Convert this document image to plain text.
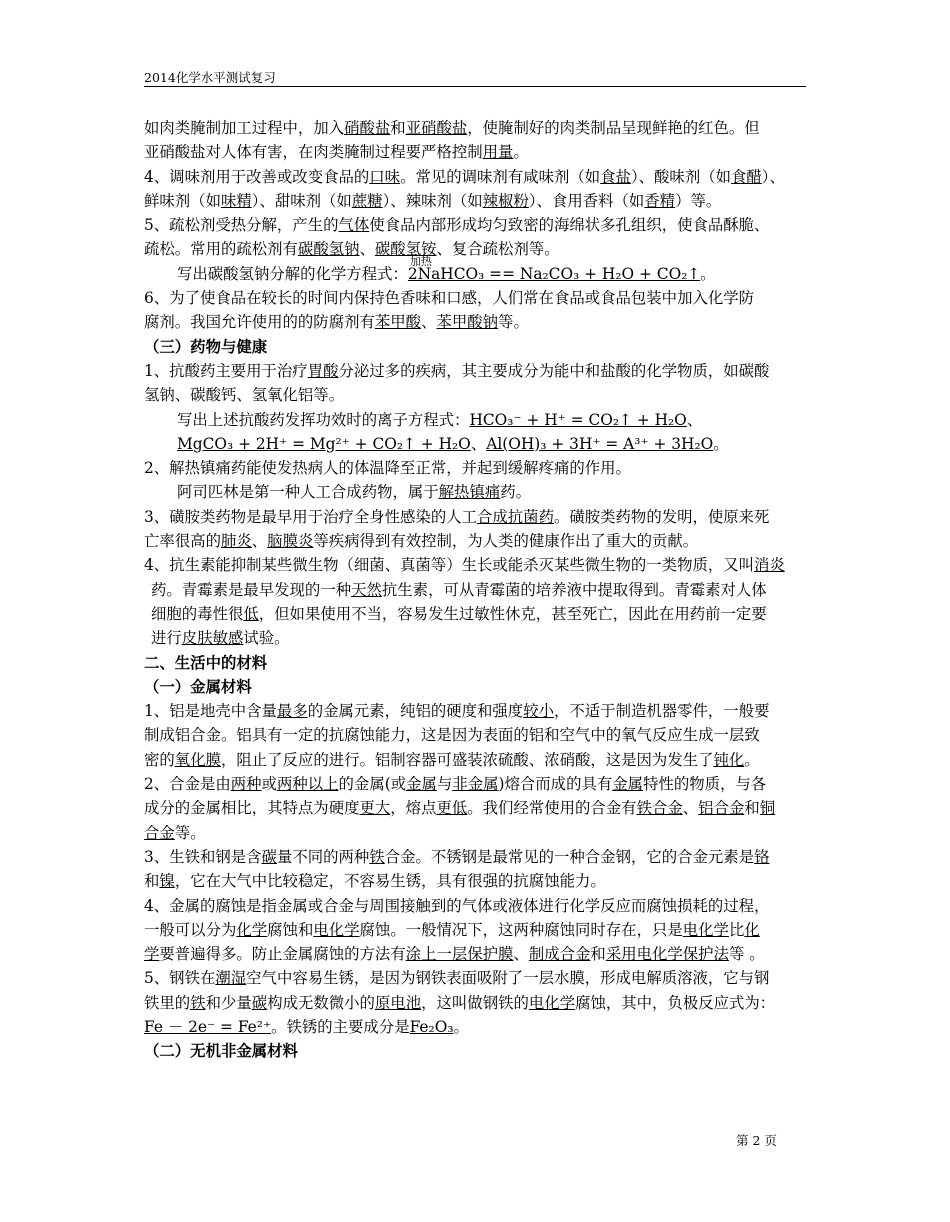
2014化学水平测试复习

如肉类腌制加工过程中，加入硝酸盐和亚硝酸盐，使腌制好的肉类制品呈现鲜艳的红色。但

亚硝酸盐对人体有害，在肉类腌制过程要严格控制用量。

4、调味剂用于改善或改变食品的口味。常见的调味剂有咸味剂（如食盐）、酸味剂（如食醋）、

鲜味剂（如味精）、甜味剂（如蔗糖）、辣味剂（如辣椒粉）、食用香料（如香精）等。

5、疏松剂受热分解，产生的气体使食品内部形成均匀致密的海绵状多孔组织，使食品酥脆、

疏松。常用的疏松剂有碳酸氢钠、碳酸氢铵、复合疏松剂等。

写出碳酸氢钠分解的化学方程式：
加热
2NaHCO₃ == Na₂CO₃ + H₂O + CO₂↑。

6、为了使食品在较长的时间内保持色香味和口感，人们常在食品或食品包装中加入化学防

腐剂。我国允许使用的的防腐剂有苯甲酸、苯甲酸钠等。

（三）药物与健康

1、抗酸药主要用于治疗胃酸分泌过多的疾病，其主要成分为能中和盐酸的化学物质，如碳酸

氢钠、碳酸钙、氢氧化铝等。

写出上述抗酸药发挥功效时的离子方程式：HCO₃⁻ + H⁺ = CO₂↑ + H₂O、

MgCO₃ + 2H⁺ = Mg²⁺ + CO₂↑ + H₂O、Al(OH)₃ + 3H⁺ = A³⁺ + 3H₂O。

2、解热镇痛药能使发热病人的体温降至正常，并起到缓解疼痛的作用。

阿司匹林是第一种人工合成药物，属于解热镇痛药。

3、磺胺类药物是最早用于治疗全身性感染的人工合成抗菌药。磺胺类药物的发明，使原来死

亡率很高的肺炎、脑膜炎等疾病得到有效控制，为人类的健康作出了重大的贡献。

4、抗生素能抑制某些微生物（细菌、真菌等）生长或能杀灭某些微生物的一类物质，又叫消炎

药。青霉素是最早发现的一种天然抗生素，可从青霉菌的培养液中提取得到。青霉素对人体

细胞的毒性很低，但如果使用不当，容易发生过敏性休克，甚至死亡，因此在用药前一定要

进行皮肤敏感试验。

二、生活中的材料

（一）金属材料

1、铝是地壳中含量最多的金属元素，纯铝的硬度和强度较小，不适于制造机器零件，一般要

制成铝合金。铝具有一定的抗腐蚀能力，这是因为表面的铝和空气中的氧气反应生成一层致

密的氧化膜，阻止了反应的进行。铝制容器可盛装浓硫酸、浓硝酸，这是因为发生了钝化。

2、合金是由两种或两种以上的金属(或金属与非金属)熔合而成的具有金属特性的物质，与各

成分的金属相比，其特点为硬度更大，熔点更低。我们经常使用的合金有铁合金、铝合金和铜

合金等。

3、生铁和钢是含碳量不同的两种铁合金。不锈钢是最常见的一种合金钢，它的合金元素是铬

和镍，它在大气中比较稳定，不容易生锈，具有很强的抗腐蚀能力。

4、金属的腐蚀是指金属或合金与周围接触到的气体或液体进行化学反应而腐蚀损耗的过程，

一般可以分为化学腐蚀和电化学腐蚀。一般情况下，这两种腐蚀同时存在，只是电化学比化

学要普遍得多。防止金属腐蚀的方法有涂上一层保护膜、制成合金和采用电化学保护法等 。

5、钢铁在潮湿空气中容易生锈，是因为钢铁表面吸附了一层水膜，形成电解质溶液，它与钢

铁里的铁和少量碳构成无数微小的原电池，这叫做钢铁的电化学腐蚀，其中，负极反应式为：

Fe － 2e⁻ = Fe²⁺。铁锈的主要成分是Fe₂O₃。

（二）无机非金属材料

第 2 页
